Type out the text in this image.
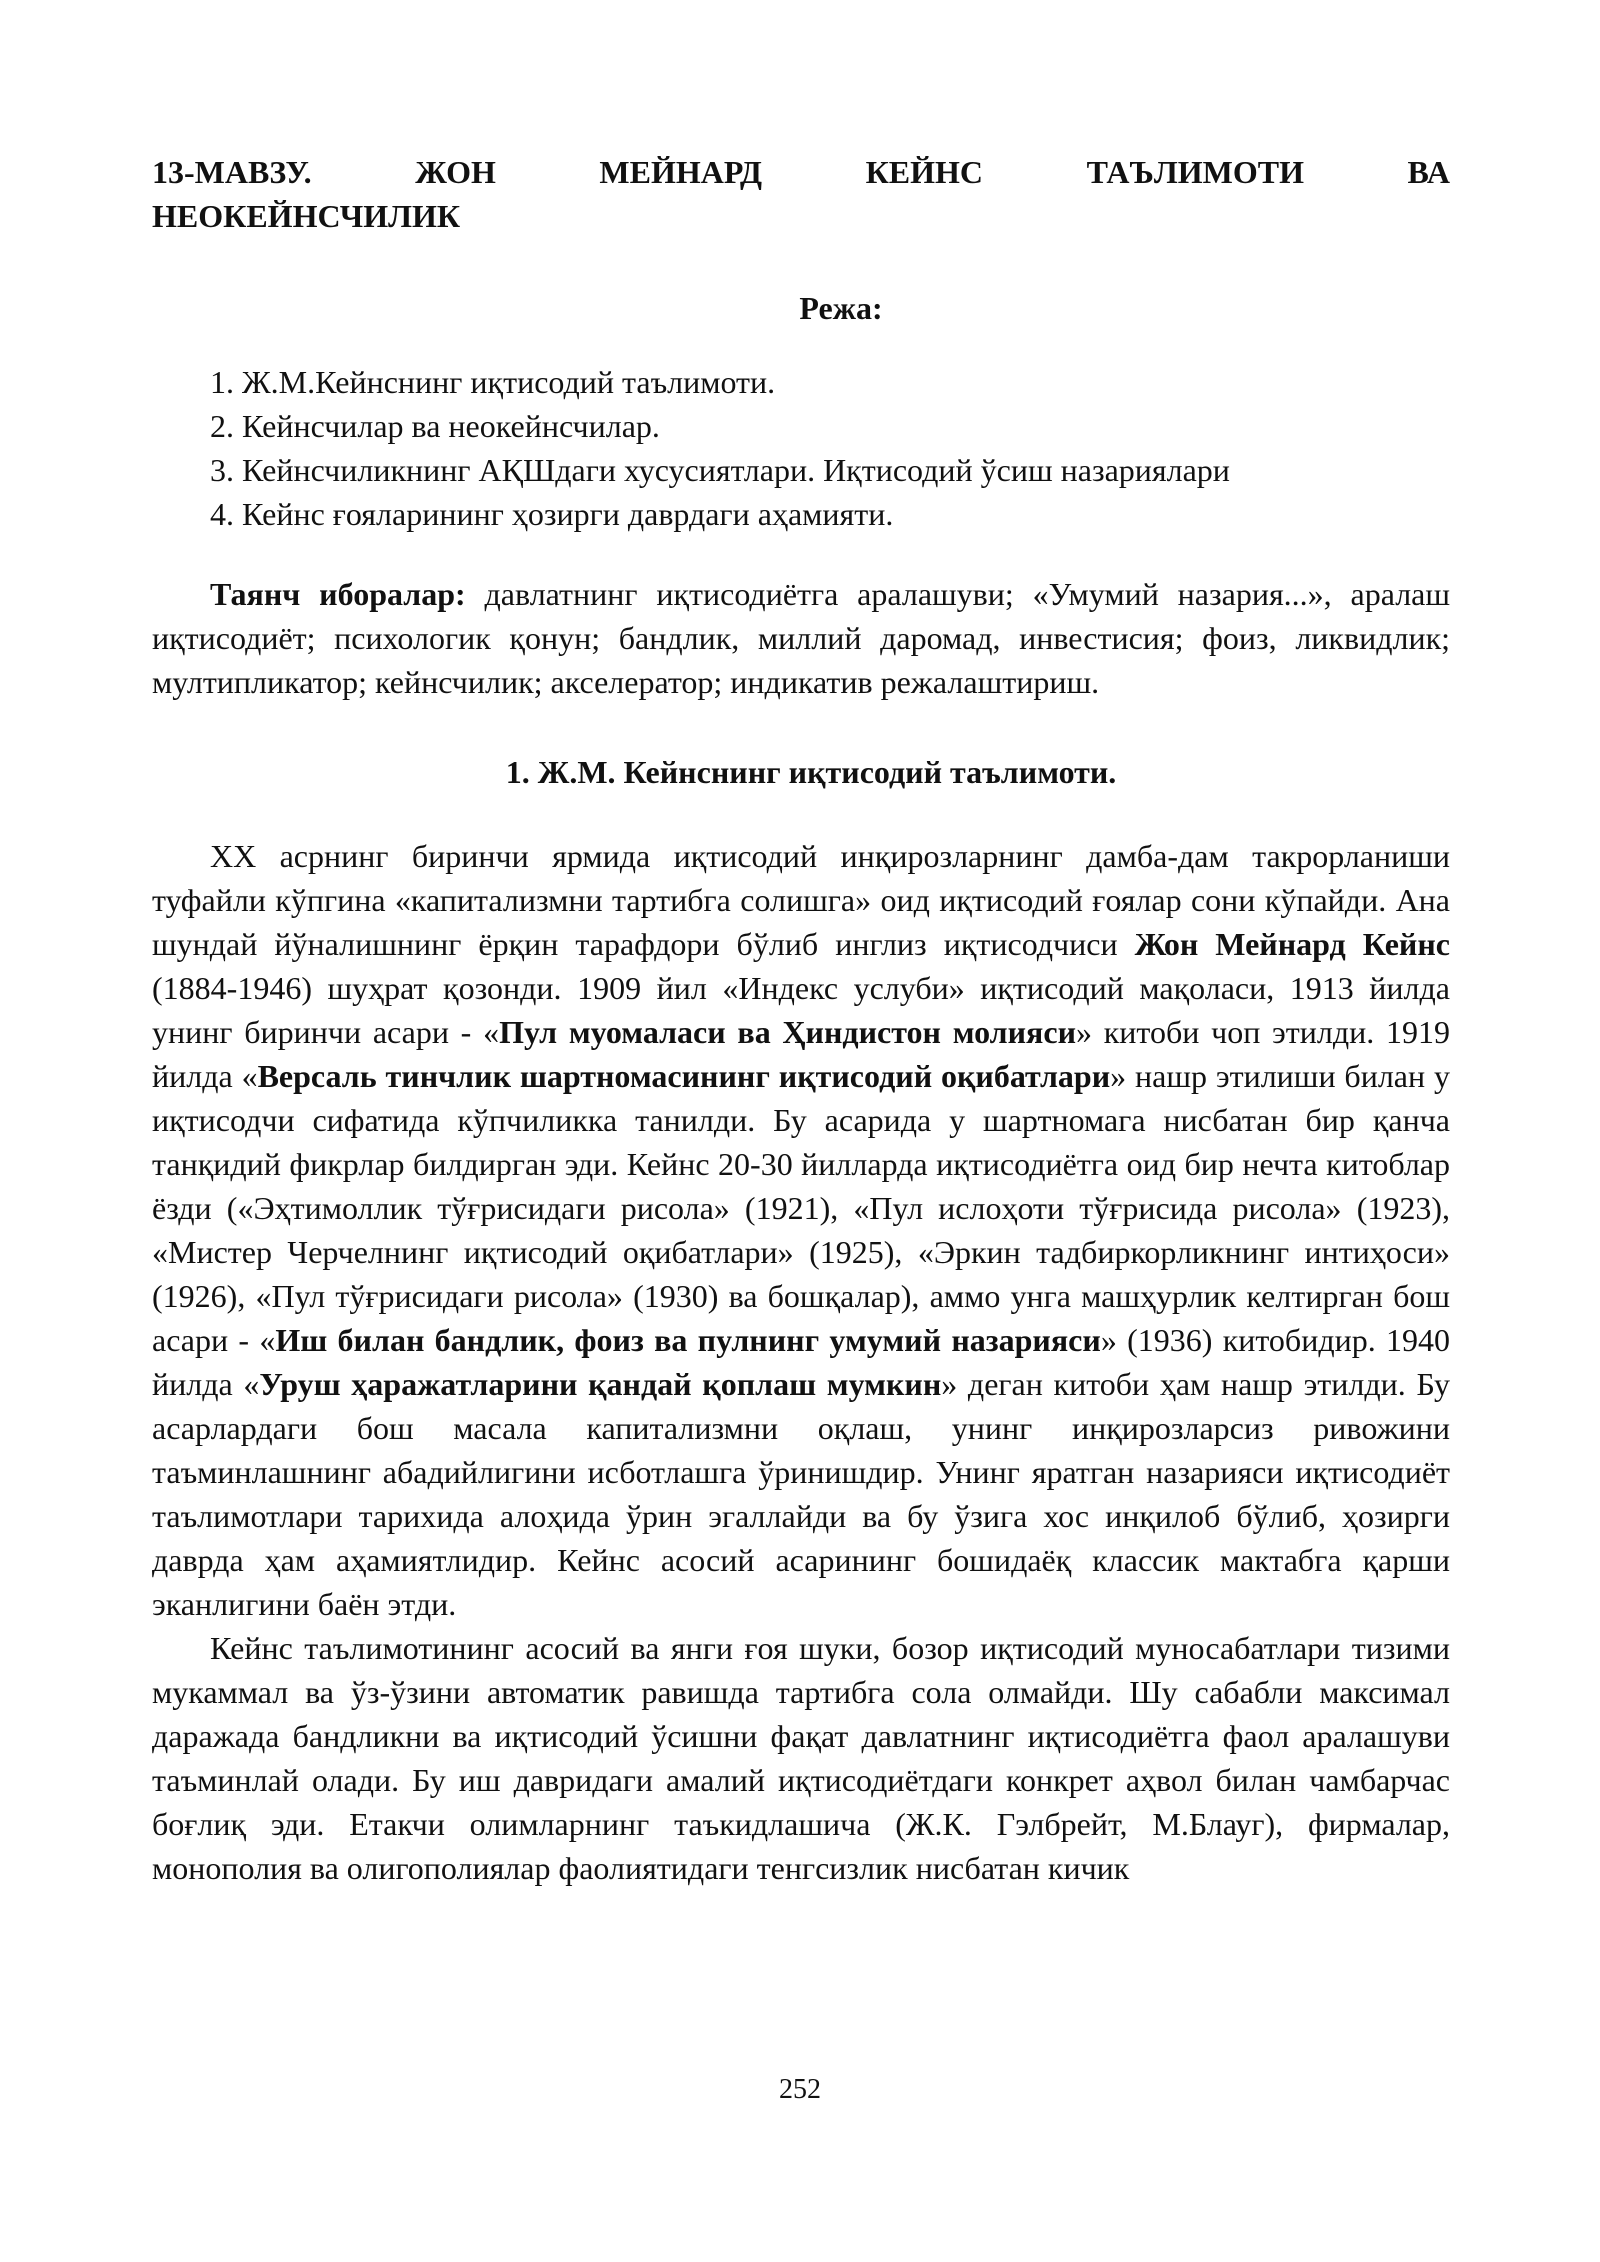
13-МАВЗУ.	ЖОН	МЕЙНАРД	КЕЙНС	ТАЪЛИМОТИ	ВА
НЕОКЕЙНСЧИЛИК
Режа:
1. Ж.М.Кейнснинг иқтисодий таълимоти.
2. Кейнсчилар ва неокейнсчилар.
3. Кейнсчиликнинг АҚШдаги хусусиятлари. Иқтисодий ўсиш назариялари
4. Кейнс ғояларининг ҳозирги даврдаги аҳамияти.

Таянч иборалар: давлатнинг иқтисодиётга аралашуви; «Умумий назария...», аралаш иқтисодиёт; психологик қонун; бандлик, миллий даромад, инвестисия; фоиз, ликвидлик; мултипликатор; кейнсчилик; акселератор; индикатив режалаштириш.

1. Ж.М. Кейнснинг иқтисодий таълимоти.

XX асрнинг биринчи ярмида иқтисодий инқирозларнинг дамба-дам такрорланиши туфайли кўпгина «капитализмни тартибга солишга» оид иқтисодий ғоялар сони кўпайди. Ана шундай йўналишнинг ёрқин тарафдори бўлиб инглиз иқтисодчиси Жон Мейнард Кейнс (1884-1946) шуҳрат қозонди. 1909 йил «Индекс услуби» иқтисодий мақоласи, 1913 йилда унинг биринчи асари - «Пул муомаласи ва Ҳиндистон молияси» китоби чоп этилди. 1919 йилда «Версаль тинчлик шартномасининг иқтисодий оқибатлари» нашр этилиши билан у иқтисодчи сифатида кўпчиликка танилди. Бу асарида у шартномага нисбатан бир қанча танқидий фикрлар билдирган эди. Кейнс 20-30 йилларда иқтисодиётга оид бир нечта китоблар ёзди («Эҳтимоллик тўғрисидаги рисола» (1921), «Пул ислоҳоти тўғрисида рисола» (1923), «Мистер Черчелнинг иқтисодий оқибатлари» (1925), «Эркин тадбиркорликнинг интиҳоси» (1926), «Пул тўғрисидаги рисола» (1930) ва бошқалар), аммо унга машҳурлик келтирган бош асари - «Иш билан бандлик, фоиз ва пулнинг умумий назарияси» (1936) китобидир. 1940 йилда «Уруш ҳаражатларини қандай қоплаш мумкин» деган китоби ҳам нашр этилди. Бу асарлардаги бош масала капитализмни оқлаш, унинг инқирозларсиз ривожини таъминлашнинг абадийлигини исботлашга ўринишдир. Унинг яратган назарияси иқтисодиёт таълимотлари тарихида алоҳида ўрин эгаллайди ва бу ўзига хос инқилоб бўлиб, ҳозирги даврда ҳам аҳамиятлидир. Кейнс асосий асарининг бошидаёқ классик мактабга қарши эканлигини баён этди.

Кейнс таълимотининг асосий ва янги ғоя шуки, бозор иқтисодий муносабатлари тизими мукаммал ва ўз-ўзини автоматик равишда тартибга сола олмайди. Шу сабабли максимал даражада бандликни ва иқтисодий ўсишни фақат давлатнинг иқтисодиётга фаол аралашуви таъминлай олади. Бу иш давридаги амалий иқтисодиётдаги конкрет аҳвол билан чамбарчас боғлиқ эди. Етакчи олимларнинг таъкидлашича (Ж.К. Гэлбрейт, М.Блауг), фирмалар, монополия ва олигополиялар фаолиятидаги тенгсизлик нисбатан кичик

252
